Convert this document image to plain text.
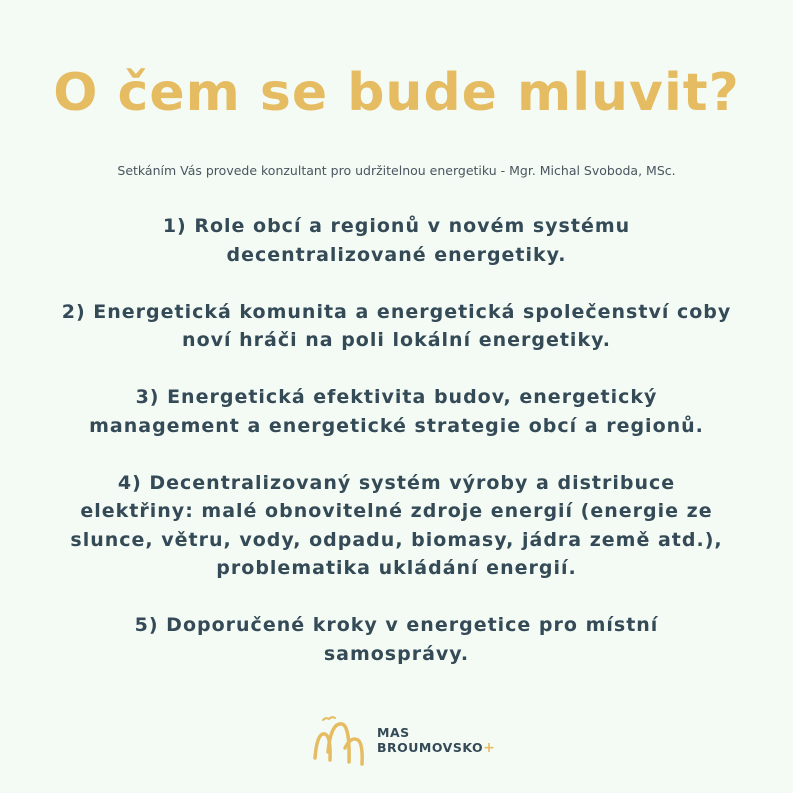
O čem se bude mluvit?

Setkáním Vás provede konzultant pro udržitelnou energetiku - Mgr. Michal Svoboda, MSc.

1) Role obcí a regionů v novém systému decentralizované energetiky.
2) Energetická komunita a energetická společenství coby noví hráči na poli lokální energetiky.
3) Energetická efektivita budov, energetický management a energetické strategie obcí a regionů.
4) Decentralizovaný systém výroby a distribuce elektřiny: malé obnovitelné zdroje energií (energie ze slunce, větru, vody, odpadu, biomasy, jádra země atd.), problematika ukládání energií.
5) Doporučené kroky v energetice pro místní samosprávy.
MAS
BROUMOVSKO+
